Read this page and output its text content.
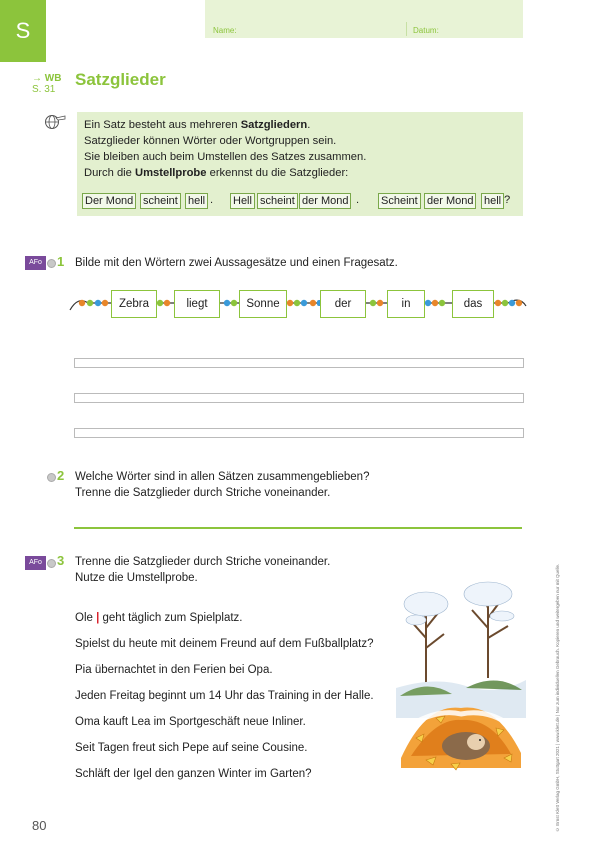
S	Name:	Datum:
→ WB
S. 31
Satzglieder
Ein Satz besteht aus mehreren Satzgliedern.
Satzglieder können Wörter oder Wortgruppen sein.
Sie bleiben auch beim Umstellen des Satzes zusammen.
Durch die Umstellprobe erkennst du die Satzglieder:
Der Mond scheint hell . Hell scheint der Mond . Scheint der Mond hell ?
AFo	1 Bilde mit den Wörtern zwei Aussagesätze und einen Fragesatz.
Zebra	liegt	Sonne	der	in	das
2 Welche Wörter sind in allen Sätzen zusammengeblieben?
Trenne die Satzglieder durch Striche voneinander.
AFo	3 Trenne die Satzglieder durch Striche voneinander.
Nutze die Umstellprobe.
Ole | geht täglich zum Spielplatz.
Spielst du heute mit deinem Freund auf dem Fußballplatz?
Pia übernachtet in den Ferien bei Opa.
Jeden Freitag beginnt um 14 Uhr das Training in der Halle.
Oma kauft Lea im Sportgeschäft neue Inliner.
Seit Tagen freut sich Pepe auf seine Cousine.
Schläft der Igel den ganzen Winter im Garten?
80	© Ernst Klett Verlag GmbH, Stuttgart 2021 | www.klett.de | Nur zum individuellen Gebrauch. Kopieren und weitergeben nur mit Quelle.
